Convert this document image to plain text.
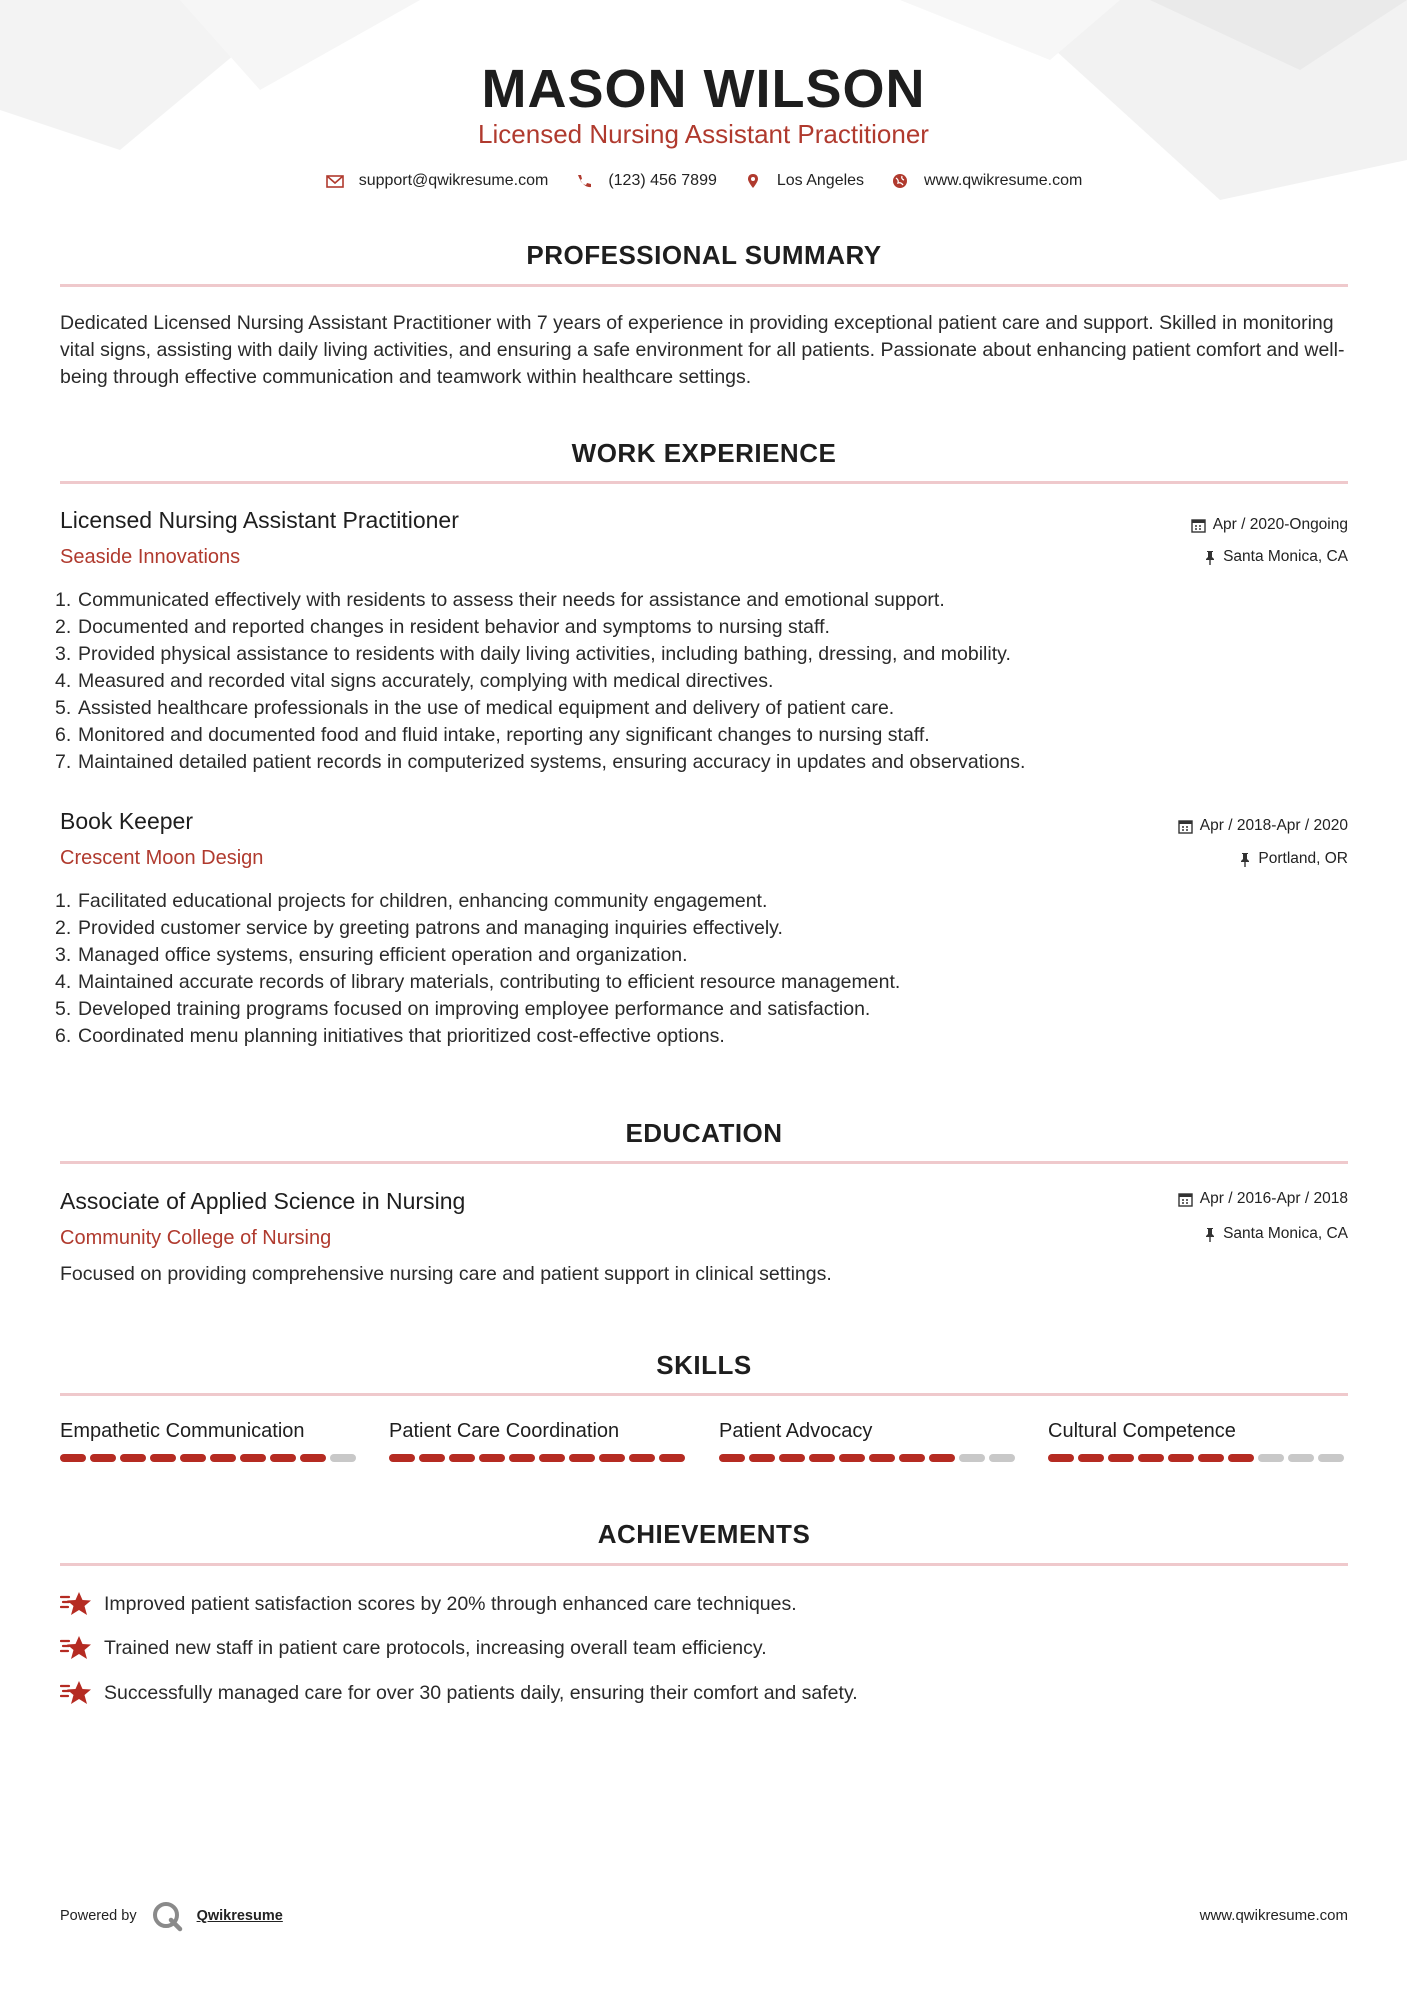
MASON WILSON
Licensed Nursing Assistant Practitioner
support@qwikresume.com	(123) 456 7899	Los Angeles	www.qwikresume.com
PROFESSIONAL SUMMARY
Dedicated Licensed Nursing Assistant Practitioner with 7 years of experience in providing exceptional patient care and support. Skilled in monitoring vital signs, assisting with daily living activities, and ensuring a safe environment for all patients. Passionate about enhancing patient comfort and well-being through effective communication and teamwork within healthcare settings.
WORK EXPERIENCE
Licensed Nursing Assistant Practitioner
Seaside Innovations
Apr / 2020-Ongoing
Santa Monica, CA
1. Communicated effectively with residents to assess their needs for assistance and emotional support.
2. Documented and reported changes in resident behavior and symptoms to nursing staff.
3. Provided physical assistance to residents with daily living activities, including bathing, dressing, and mobility.
4. Measured and recorded vital signs accurately, complying with medical directives.
5. Assisted healthcare professionals in the use of medical equipment and delivery of patient care.
6. Monitored and documented food and fluid intake, reporting any significant changes to nursing staff.
7. Maintained detailed patient records in computerized systems, ensuring accuracy in updates and observations.
Book Keeper
Crescent Moon Design
Apr / 2018-Apr / 2020
Portland, OR
1. Facilitated educational projects for children, enhancing community engagement.
2. Provided customer service by greeting patrons and managing inquiries effectively.
3. Managed office systems, ensuring efficient operation and organization.
4. Maintained accurate records of library materials, contributing to efficient resource management.
5. Developed training programs focused on improving employee performance and satisfaction.
6. Coordinated menu planning initiatives that prioritized cost-effective options.
EDUCATION
Associate of Applied Science in Nursing
Community College of Nursing
Apr / 2016-Apr / 2018
Santa Monica, CA
Focused on providing comprehensive nursing care and patient support in clinical settings.
SKILLS
Empathetic Communication	Patient Care Coordination	Patient Advocacy	Cultural Competence
ACHIEVEMENTS
Improved patient satisfaction scores by 20% through enhanced care techniques.
Trained new staff in patient care protocols, increasing overall team efficiency.
Successfully managed care for over 30 patients daily, ensuring their comfort and safety.
Powered by	Qwikresume	www.qwikresume.com
